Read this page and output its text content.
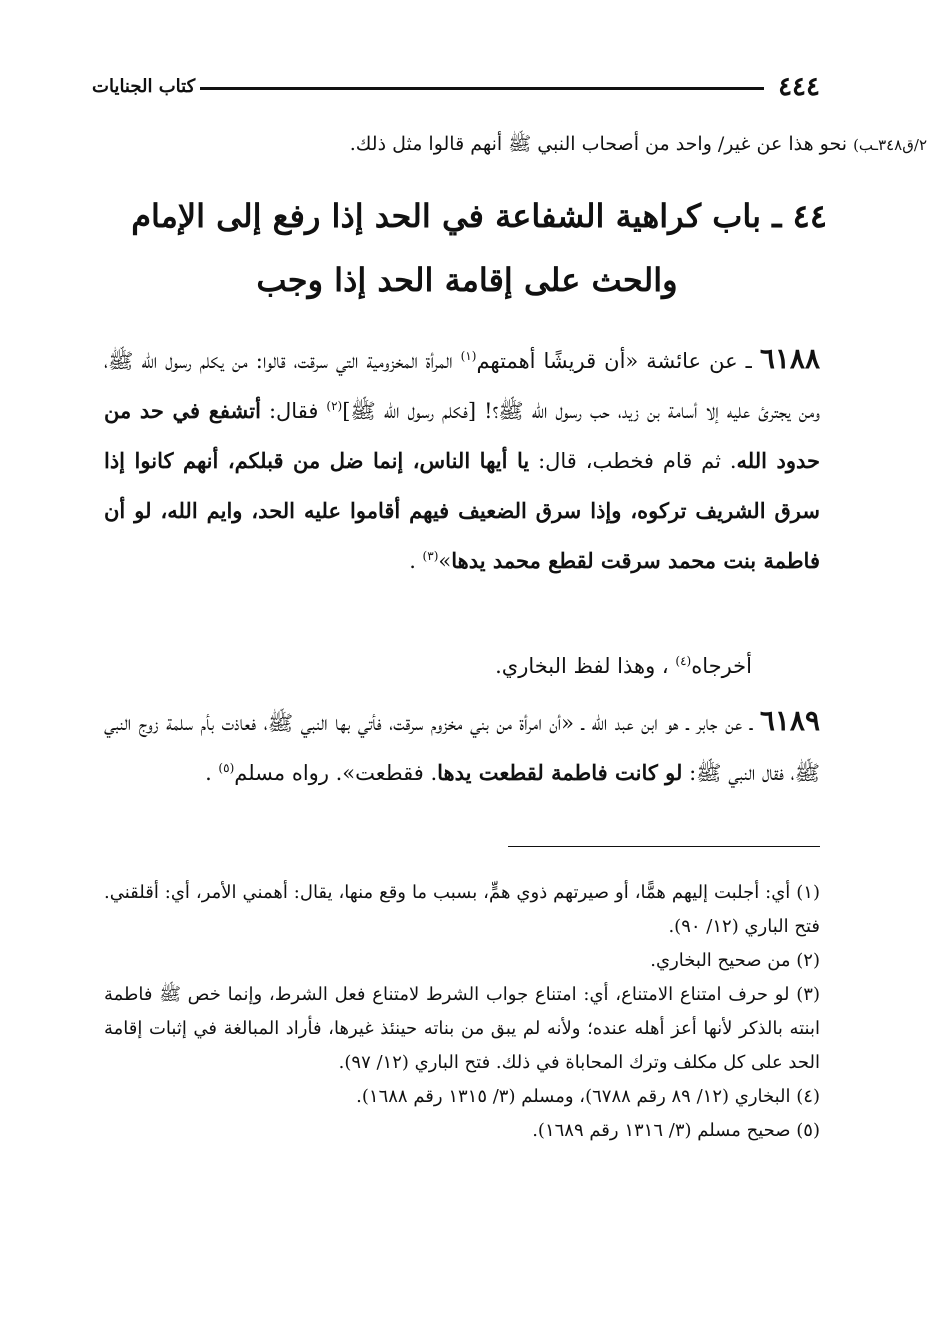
٤٤٤
كتاب الجنايات
٢/ق٣٤٨ـب) نحو هذا عن غير/ واحد من أصحاب النبي ﷺ أنهم قالوا مثل ذلك.
٤٤ ـ باب كراهية الشفاعة في الحد إذا رفع إلى الإمام
والحث على إقامة الحد إذا وجب
٦١٨٨ ـ عن عائشة «أن قريشًا أهمتهم$^{(١)}$ المرأة المخزومية التي سرقت، قالوا: من يكلم رسول الله ﷺ، ومن يجترئ عليه إلا أسامة بن زيد، حب رسول الله ﷺ؟! [فكلم رسول الله ﷺ]$^{(٢)}$ فقال: أتشفع في حد من حدود الله. ثم قام فخطب، قال: يا أيها الناس، إنما ضل من قبلكم، أنهم كانوا إذا سرق الشريف تركوه، وإذا سرق الضعيف فيهم أقاموا عليه الحد، وايم الله، لو أن فاطمة بنت محمد سرقت لقطع محمد يدها»$^{(٣)}$ .
أخرجاه$^{(٤)}$ ، وهذا لفظ البخاري.
٦١٨٩ ـ عن جابر ـ هو ابن عبد الله ـ «أن امرأة من بني مخزوم سرقت، فأتي بها النبي ﷺ، فعاذت بأم سلمة زوج النبي ﷺ، فقال النبي ﷺ: لو كانت فاطمة لقطعت يدها. فقطعت». رواه مسلم$^{(٥)}$ .

(١) أي: أجلبت إليهم همًّا، أو صيرتهم ذوي همٍّ، بسبب ما وقع منها، يقال: أهمني الأمر، أي: أقلقني. فتح الباري (١٢/ ٩٠).

(٢) من صحيح البخاري.

(٣) لو حرف امتناع الامتناع، أي: امتناع جواب الشرط لامتناع فعل الشرط، وإنما خص ﷺ فاطمة ابنته بالذكر لأنها أعز أهله عنده؛ ولأنه لم يبق من بناته حينئذ غيرها، فأراد المبالغة في إثبات إقامة الحد على كل مكلف وترك المحاباة في ذلك. فتح الباري (١٢/ ٩٧).

(٤) البخاري (١٢/ ٨٩ رقم ٦٧٨٨)، ومسلم (٣/ ١٣١٥ رقم ١٦٨٨).

(٥) صحيح مسلم (٣/ ١٣١٦ رقم ١٦٨٩).
